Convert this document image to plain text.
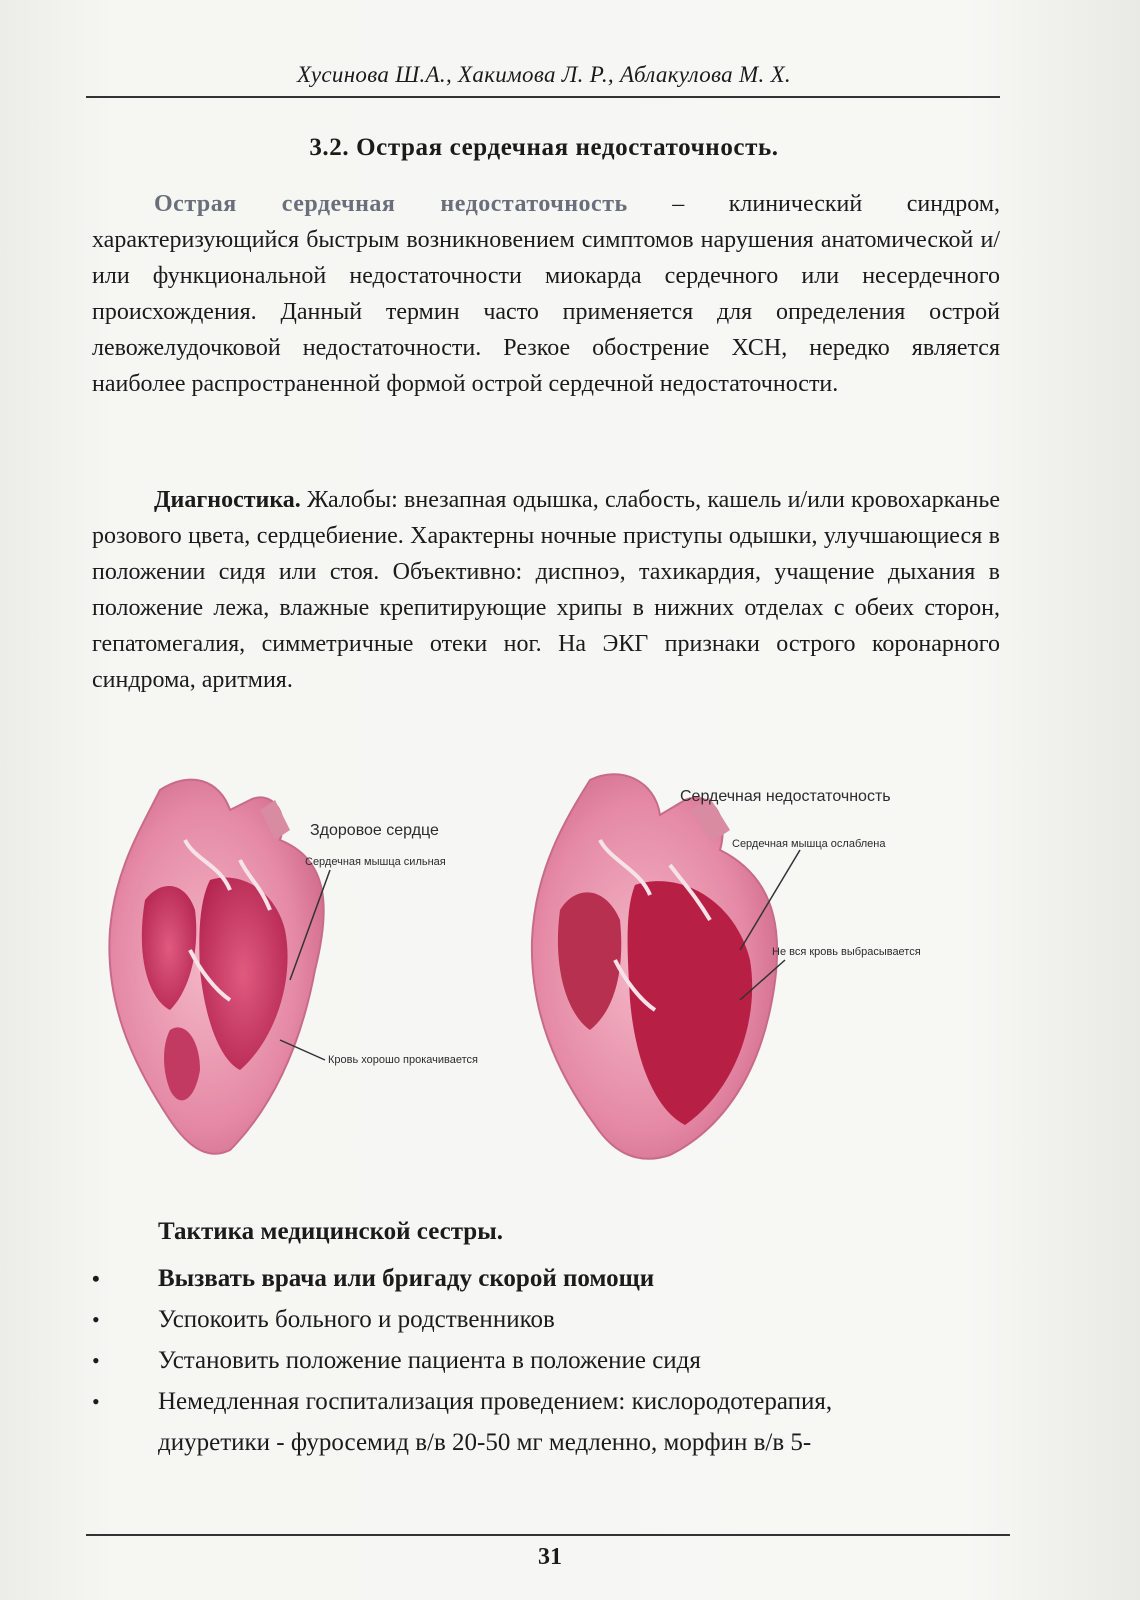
Хусинова Ш.А., Хакимова Л. Р., Аблакулова М. Х.
3.2. Острая сердечная недостаточность.

Острая сердечная недостаточность – клинический синдром, характеризующийся быстрым возникновением симптомов нарушения анатомической и/или функциональной недостаточности миокарда сердечного или несердечного происхождения. Данный термин часто применяется для определения острой левожелудочковой недостаточности. Резкое обострение ХСН, нередко является наиболее распространенной формой острой сердечной недостаточности.

Диагностика. Жалобы: внезапная одышка, слабость, кашель и/или кровохарканье розового цвета, сердцебиение. Характерны ночные приступы одышки, улучшающиеся в положении сидя или стоя. Объективно: диспноэ, тахикардия, учащение дыхания в положение лежа, влажные крепитирующие хрипы в нижних отделах с обеих сторон, гепатомегалия, симметричные отеки ног. На ЭКГ признаки острого коронарного синдрома, аритмия.

Здоровое сердце
Сердечная мышца сильная
Кровь хорошо прокачивается
Сердечная недостаточность
Сердечная мышца ослаблена
Не вся кровь выбрасывается
Тактика медицинской сестры.
• Вызвать врача или бригаду скорой помощи
• Успокоить больного и родственников
• Установить положение пациента в положение сидя
• Немедленная госпитализация проведением: кислородотерапия,
диуретики - фуросемид в/в 20-50 мг медленно, морфин в/в 5-
31
